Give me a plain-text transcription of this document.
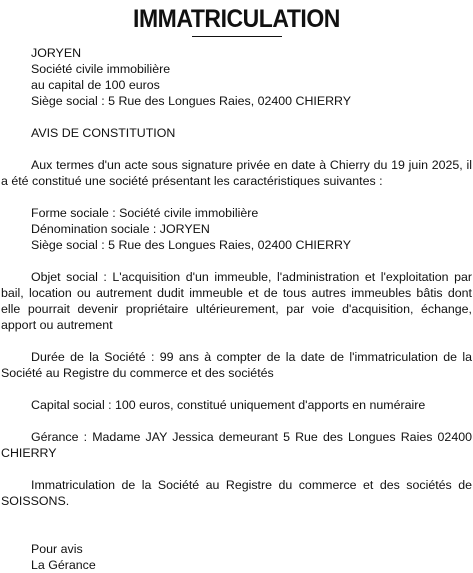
IMMATRICULATION
JORYEN
Société civile immobilière
au capital de 100 euros
Siège social : 5 Rue des Longues Raies, 02400 CHIERRY
AVIS DE CONSTITUTION

Aux termes d'un acte sous signature privée en date à Chierry du 19 juin 2025, il a été constitué une société présentant les caractéristiques suivantes :

Forme sociale : Société civile immobilière
Dénomination sociale : JORYEN
Siège social : 5 Rue des Longues Raies, 02400 CHIERRY

Objet social : L'acquisition d'un immeuble, l'administration et l'exploitation par bail, location ou autrement dudit immeuble et de tous autres immeubles bâtis dont elle pourrait devenir propriétaire ultérieurement, par voie d'acquisition, échange, apport ou autrement

Durée de la Société : 99 ans à compter de la date de l'immatriculation de la Société au Registre du commerce et des sociétés

Capital social : 100 euros, constitué uniquement d'apports en numéraire

Gérance : Madame JAY Jessica demeurant 5 Rue des Longues Raies 02400 CHIERRY

Immatriculation de la Société au Registre du commerce et des sociétés de SOISSONS.

Pour avis
La Gérance
